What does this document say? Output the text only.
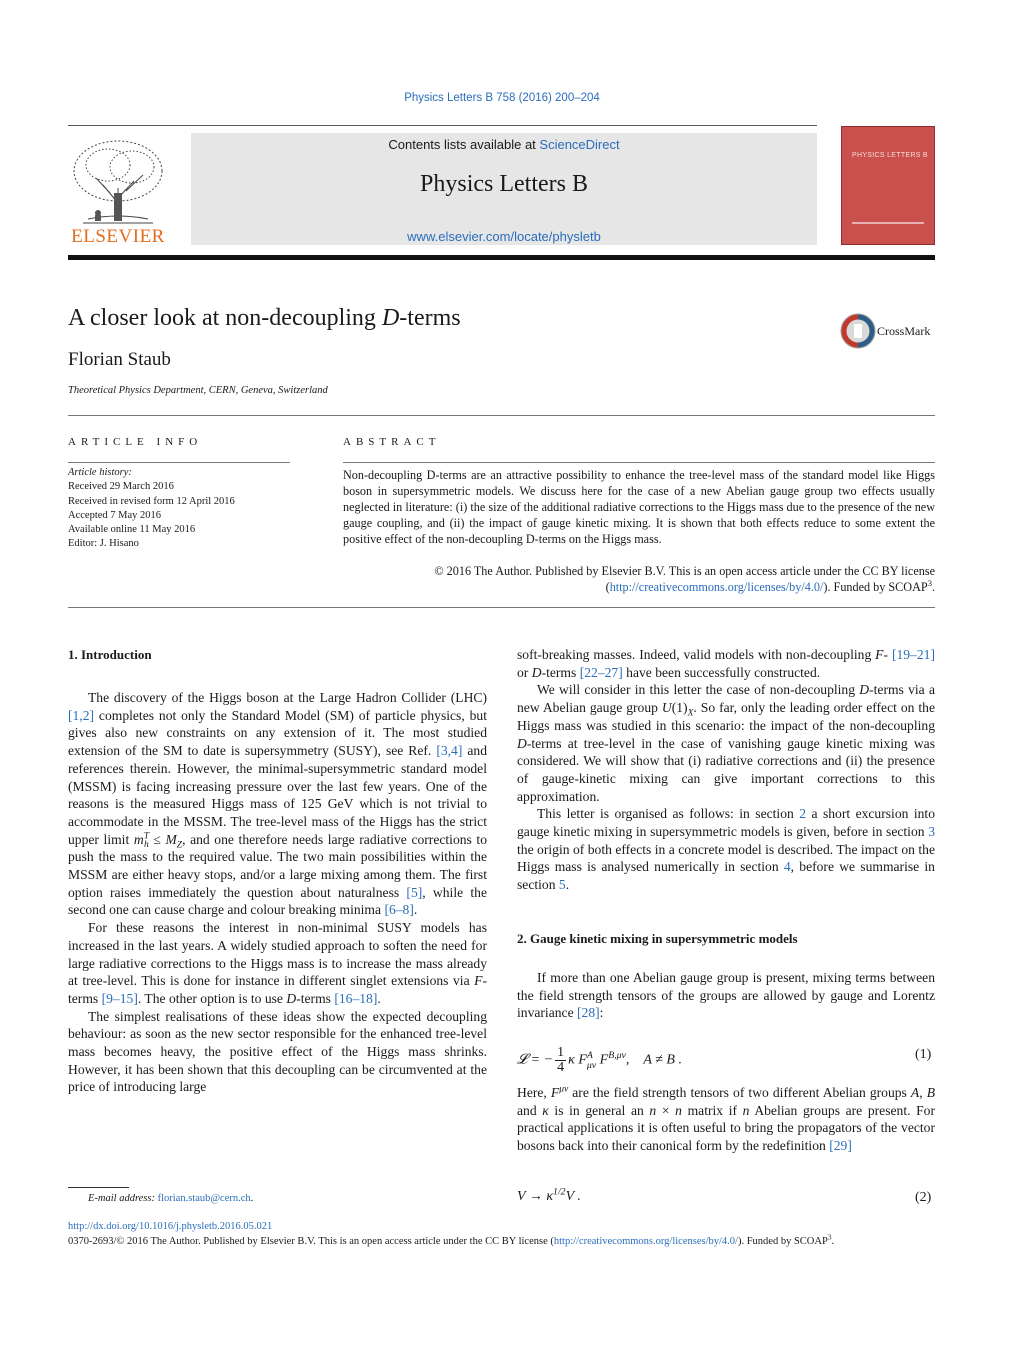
Physics Letters B 758 (2016) 200–204
ELSEVIER
Contents lists available at ScienceDirect
Physics Letters B
www.elsevier.com/locate/physletb
PHYSICS LETTERS B
A closer look at non-decoupling D-terms
Florian Staub
Theoretical Physics Department, CERN, Geneva, Switzerland
CrossMark
ARTICLE INFO
Article history:
Received 29 March 2016
Received in revised form 12 April 2016
Accepted 7 May 2016
Available online 11 May 2016
Editor: J. Hisano
ABSTRACT
Non-decoupling D-terms are an attractive possibility to enhance the tree-level mass of the standard model like Higgs boson in supersymmetric models. We discuss here for the case of a new Abelian gauge group two effects usually neglected in literature: (i) the size of the additional radiative corrections to the Higgs mass due to the presence of the new gauge coupling, and (ii) the impact of gauge kinetic mixing. It is shown that both effects reduce to some extent the positive effect of the non-decoupling D-terms on the Higgs mass.
© 2016 The Author. Published by Elsevier B.V. This is an open access article under the CC BY license (http://creativecommons.org/licenses/by/4.0/). Funded by SCOAP$^3$.
1. Introduction

The discovery of the Higgs boson at the Large Hadron Collider (LHC) [1,2] completes not only the Standard Model (SM) of particle physics, but gives also new constraints on any extension of it. The most studied extension of the SM to date is supersymmetry (SUSY), see Ref. [3,4] and references therein. However, the minimal-supersymmetric standard model (MSSM) is facing increasing pressure over the last few years. One of the reasons is the measured Higgs mass of 125 GeV which is not trivial to accommodate in the MSSM. The tree-level mass of the Higgs has the strict upper limit $m^T_h \le M_Z$, and one therefore needs large radiative corrections to push the mass to the required value. The two main possibilities within the MSSM are either heavy stops, and/or a large mixing among them. The first option raises immediately the question about naturalness [5], while the second one can cause charge and colour breaking minima [6–8].

For these reasons the interest in non-minimal SUSY models has increased in the last years. A widely studied approach to soften the need for large radiative corrections to the Higgs mass is to increase the mass already at tree-level. This is done for instance in different singlet extensions via F-terms [9–15]. The other option is to use D-terms [16–18].

The simplest realisations of these ideas show the expected decoupling behaviour: as soon as the new sector responsible for the enhanced tree-level mass becomes heavy, the positive effect of the Higgs mass shrinks. However, it has been shown that this decoupling can be circumvented at the price of introducing large

soft-breaking masses. Indeed, valid models with non-decoupling F- [19–21] or D-terms [22–27] have been successfully constructed.

We will consider in this letter the case of non-decoupling D-terms via a new Abelian gauge group $U(1)_X$. So far, only the leading order effect on the Higgs mass was studied in this scenario: the impact of the non-decoupling D-terms at tree-level in the case of vanishing gauge kinetic mixing was considered. We will show that (i) radiative corrections and (ii) the presence of gauge-kinetic mixing can give important corrections to this approximation.

This letter is organised as follows: in section 2 a short excursion into gauge kinetic mixing in supersymmetric models is given, before in section 3 the origin of both effects in a concrete model is described. The impact on the Higgs mass is analysed numerically in section 4, before we summarise in section 5.

2. Gauge kinetic mixing in supersymmetric models

If more than one Abelian gauge group is present, mixing terms between the field strength tensors of the groups are allowed by gauge and Lorentz invariance [28]:

𝓛 = − $\frac{1}{4}$ κ $F^A_{\mu\nu}$ $F^{B,\mu\nu}$,    A ≠ B .	(1)

Here, $F^{\mu\nu}$ are the field strength tensors of two different Abelian groups A, B and κ is in general an n × n matrix if n Abelian groups are present. For practical applications it is often useful to bring the propagators of the vector bosons back into their canonical form by the redefinition [29]

$V \to \kappa^{1/2}V$ .	(2)
E-mail address: florian.staub@cern.ch.
http://dx.doi.org/10.1016/j.physletb.2016.05.021
0370-2693/© 2016 The Author. Published by Elsevier B.V. This is an open access article under the CC BY license (http://creativecommons.org/licenses/by/4.0/). Funded by SCOAP$^3$.
